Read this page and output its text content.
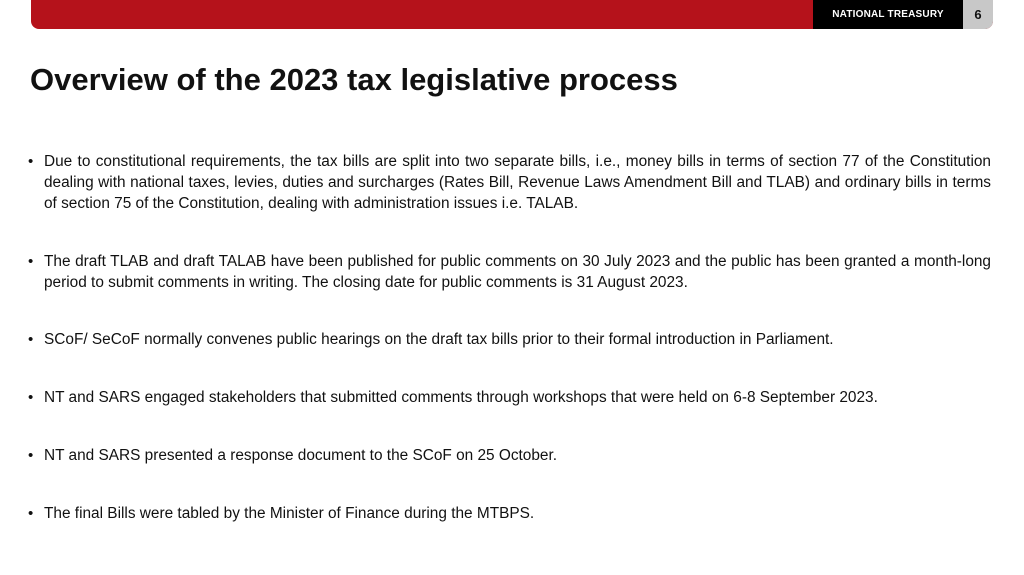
NATIONAL TREASURY	6
Overview of the 2023 tax legislative process
• Due to constitutional requirements, the tax bills are split into two separate bills, i.e., money bills in terms of section 77 of the Constitution dealing with national taxes, levies, duties and surcharges (Rates Bill, Revenue Laws Amendment Bill and TLAB) and ordinary bills in terms of section 75 of the Constitution, dealing with administration issues i.e. TALAB.
• The draft TLAB and draft TALAB have been published for public comments on 30 July 2023 and the public has been granted a month-long period to submit comments in writing. The closing date for public comments is 31 August 2023.
• SCoF/ SeCoF normally convenes public hearings on the draft tax bills prior to their formal introduction in Parliament.
• NT and SARS engaged stakeholders that submitted comments through workshops that were held on 6-8 September 2023.
• NT and SARS presented a response document to the SCoF on 25 October.
• The final Bills were tabled by the Minister of Finance during the MTBPS.
